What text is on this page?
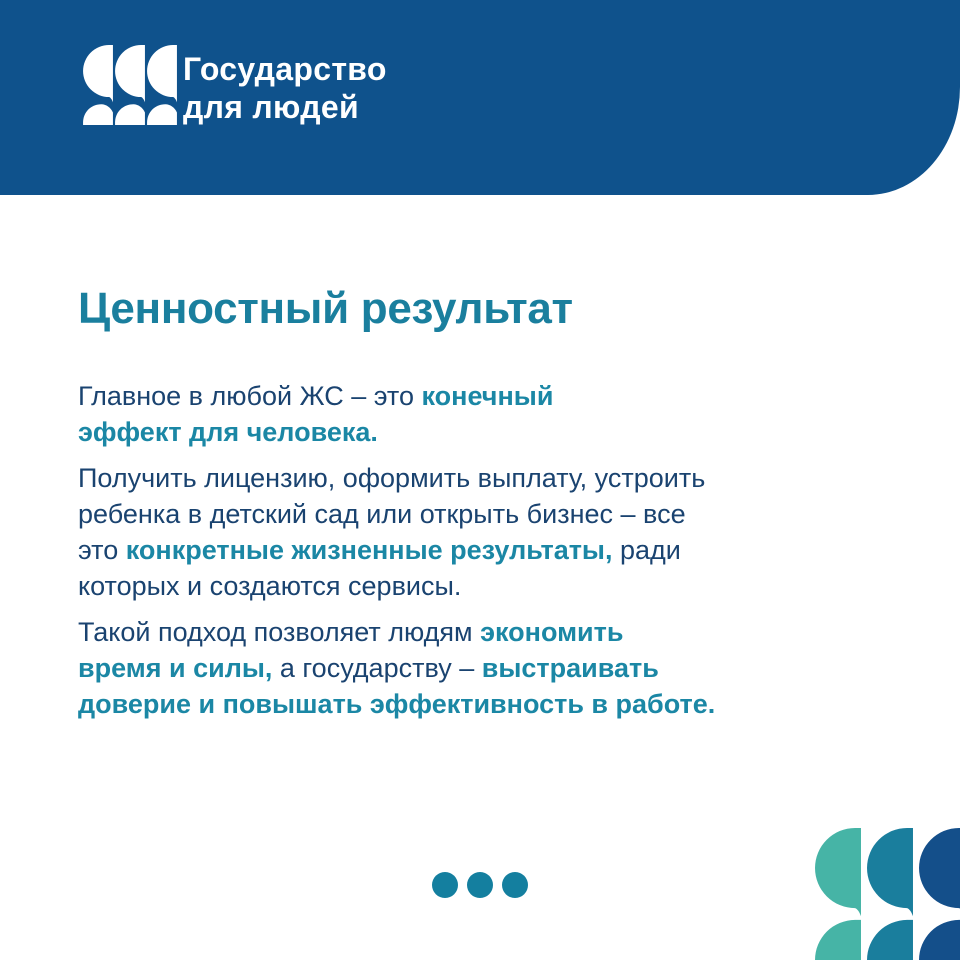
Государство
для людей
Ценностный результат
Главное в любой ЖС – это конечный
эффект для человека.
Получить лицензию, оформить выплату, устроить
ребенка в детский сад или открыть бизнес – все
это конкретные жизненные результаты, ради
которых и создаются сервисы.
Такой подход позволяет людям экономить
время и силы, а государству – выстраивать
доверие и повышать эффективность в работе.
